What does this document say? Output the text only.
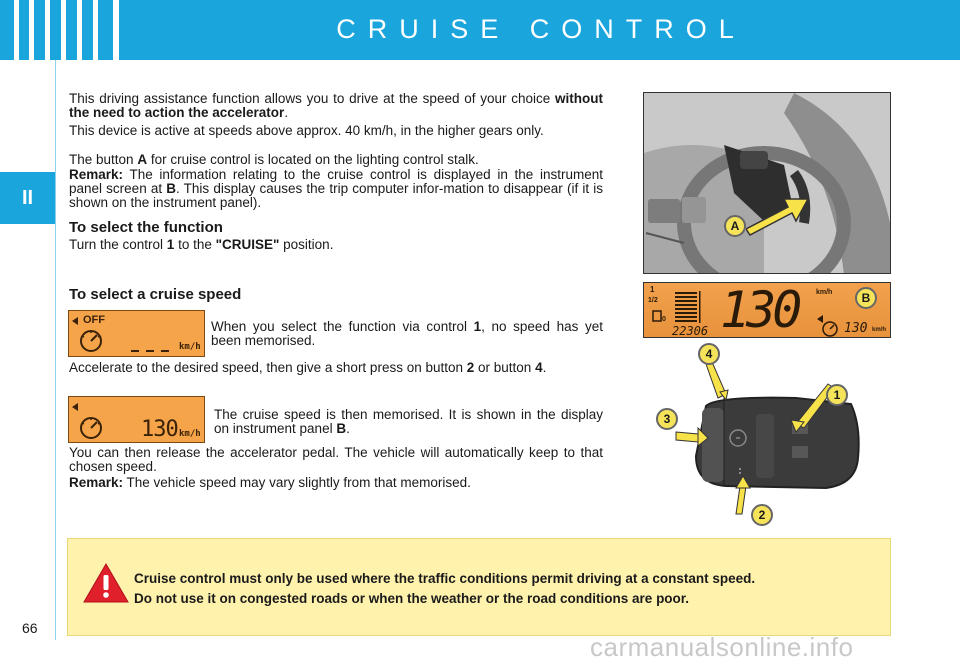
CRUISE CONTROL
II
This driving assistance function allows you to drive at the speed of your choice without the need to action the accelerator.
This device is active at speeds above approx. 40 km/h, in the higher gears only.
The button A for cruise control is located on the lighting control stalk.
Remark: The information relating to the cruise control is displayed in the instrument panel screen at B. This display causes the trip computer infor-mation to disappear (if it is shown on the instrument panel).
To select the function
Turn the control 1 to the "CRUISE" position.
To select a cruise speed
OFF
km/h
When you select the function via control 1, no speed has yet been memorised.
Accelerate to the desired speed, then give a short press on button 2 or button 4.
130 km/h
The cruise speed is then memorised. It is shown in the display on instrument panel B.
You can then release the accelerator pedal. The vehicle will automatically keep to that chosen speed.
Remark: The vehicle speed may vary slightly from that memorised.
A
1
1/2
0 130
22306
km/h
130 km/h
B
1
2
3
4
Cruise control must only be used where the traffic conditions permit driving at a constant speed.
Do not use it on congested roads or when the weather or the road conditions are poor.
66
carmanualsonline.info
